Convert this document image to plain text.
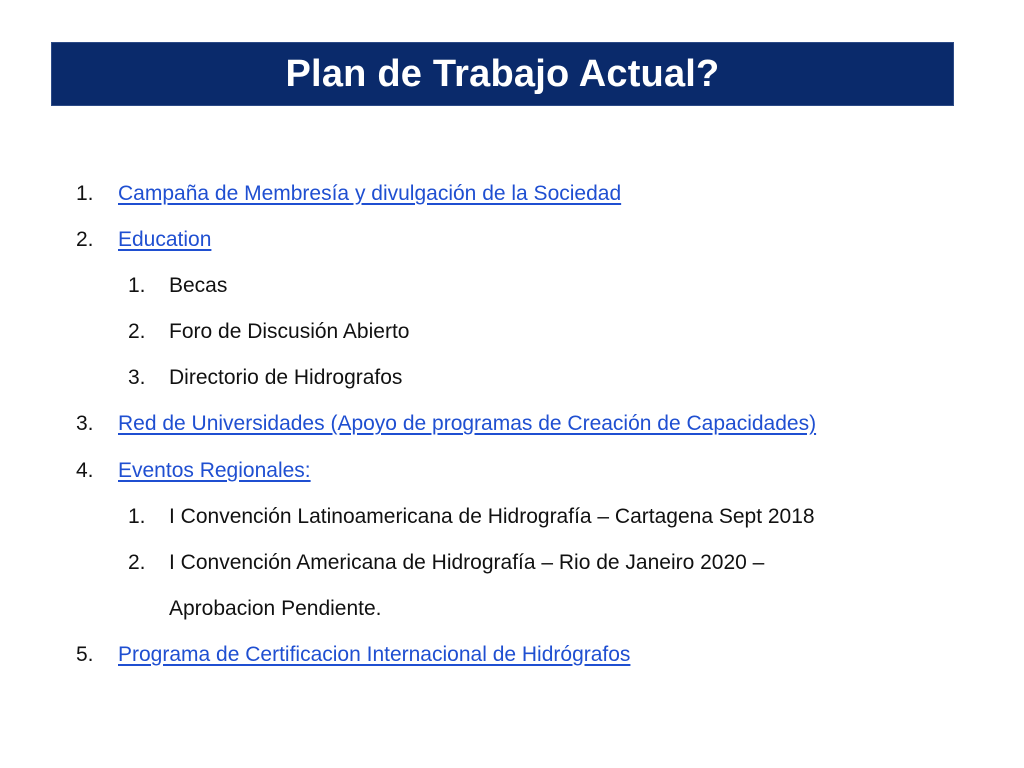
Plan de Trabajo Actual?
1. Campaña de Membresía y divulgación de la Sociedad
2. Education
1. Becas
2. Foro de Discusión Abierto
3. Directorio de Hidrografos
3. Red de Universidades (Apoyo de programas de Creación de Capacidades)
4. Eventos Regionales:
1. I Convención Latinoamericana de Hidrografía – Cartagena Sept 2018
2. I Convención Americana de Hidrografía – Rio de Janeiro 2020 –
Aprobacion Pendiente.
5. Programa de Certificacion Internacional de Hidrógrafos
